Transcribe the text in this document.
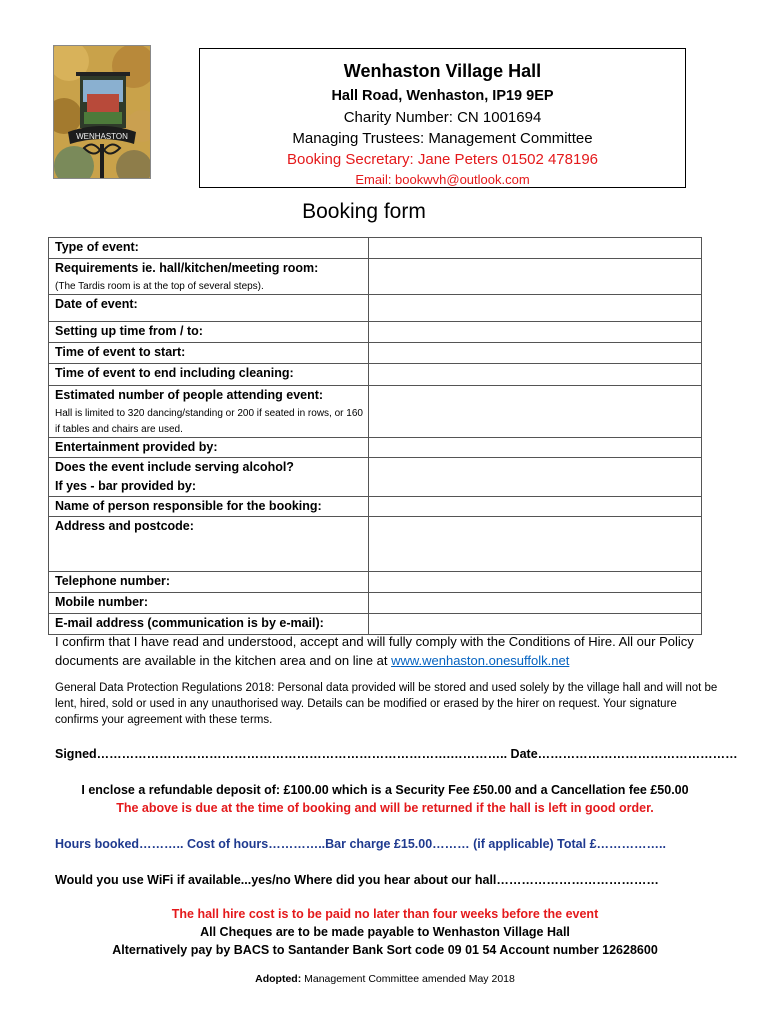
WENHASTON
Wenhaston Village Hall
Hall Road, Wenhaston, IP19 9EP
Charity Number: CN 1001694
Managing Trustees: Management Committee
Booking Secretary: Jane Peters 01502 478196
Email: bookwvh@outlook.com
Booking form
Type of event:	

Requirements ie. hall/kitchen/meeting room:
(The Tardis room is at the top of several steps).	

Date of event:	

Setting up time from / to:	

Time of event to start:	

Time of event to end including cleaning:	

Estimated number of people attending event:
Hall is limited to 320 dancing/standing or 200 if seated in rows, or 160 if tables and chairs are used.	

Entertainment provided by:	

Does the event include serving alcohol?
If yes - bar provided by:	

Name of person responsible for the booking:	

Address and postcode:	

Telephone number:	

Mobile number:	

E-mail address (communication is by e-mail):	

I confirm that I have read and understood, accept and will fully comply with the Conditions of Hire. All our Policy documents are available in the kitchen area and on line at www.wenhaston.onesuffolk.net
General Data Protection Regulations 2018: Personal data provided will be stored and used solely by the village hall and will not be lent, hired, sold or used in any unauthorised way. Details can be modified or erased by the hirer on request. Your signature confirms your agreement with these terms.
Signed………………………………………………………………………….………….. Date…………………………………………
I enclose a refundable deposit of: £100.00 which is a Security Fee £50.00 and a Cancellation fee £50.00
The above is due at the time of booking and will be returned if the hall is left in good order.
Hours booked……….. Cost of hours…………..Bar charge £15.00……… (if applicable) Total £……………..
Would you use WiFi if available...yes/no Where did you hear about our hall…………………………………
The hall hire cost is to be paid no later than four weeks before the event
All Cheques are to be made payable to Wenhaston Village Hall
Alternatively pay by BACS to Santander Bank Sort code 09 01 54 Account number 12628600
Adopted: Management Committee amended May 2018
